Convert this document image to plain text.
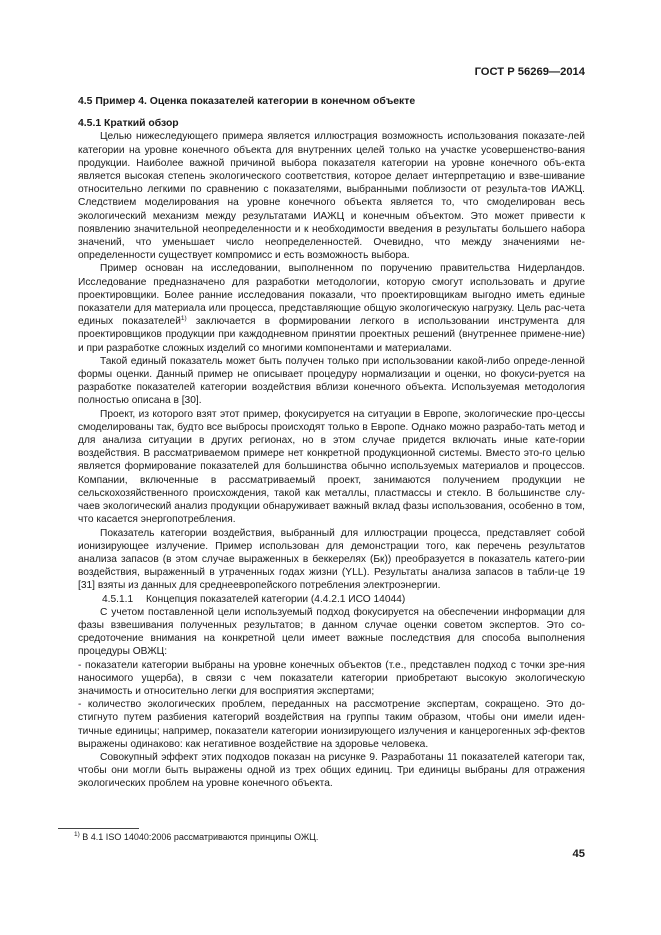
ГОСТ Р 56269—2014

4.5 Пример 4. Оценка показателей категории в конечном объекте

4.5.1 Краткий обзор

Целью нижеследующего примера является иллюстрация возможность использования показате-лей категории на уровне конечного объекта для внутренних целей только на участке усовершенство-вания продукции. Наиболее важной причиной выбора показателя категории на уровне конечного объ-екта является высокая степень экологического соответствия, которое делает интерпретацию и взве-шивание относительно легкими по сравнению с показателями, выбранными поблизости от результа-тов ИАЖЦ. Следствием моделирования на уровне конечного объекта является то, что смоделирован весь экологический механизм между результатами ИАЖЦ и конечным объектом. Это может привести к появлению значительной неопределенности и к необходимости введения в результаты большего набора значений, что уменьшает число неопределенностей. Очевидно, что между значениями не-определенности существует компромисс и есть возможность выбора.

Пример основан на исследовании, выполненном по поручению правительства Нидерландов. Исследование предназначено для разработки методологии, которую смогут использовать и другие проектировщики. Более ранние исследования показали, что проектировщикам выгодно иметь единые показатели для материала или процесса, представляющие общую экологическую нагрузку. Цель рас-чета единых показателей$^{1)}$ заключается в формировании легкого в использовании инструмента для проектировщиков продукции при каждодневном принятии проектных решений (внутреннее примене-ние) и при разработке сложных изделий со многими компонентами и материалами.

Такой единый показатель может быть получен только при использовании какой-либо опреде-ленной формы оценки. Данный пример не описывает процедуру нормализации и оценки, но фокуси-руется на разработке показателей категории воздействия вблизи конечного объекта. Используемая методология полностью описана в [30].

Проект, из которого взят этот пример, фокусируется на ситуации в Европе, экологические про-цессы смоделированы так, будто все выбросы происходят только в Европе. Однако можно разрабо-тать метод и для анализа ситуации в других регионах, но в этом случае придется включать иные кате-гории воздействия. В рассматриваемом примере нет конкретной продукционной системы. Вместо это-го целью является формирование показателей для большинства обычно используемых материалов и процессов. Компании, включенные в рассматриваемый проект, занимаются получением продукции не сельскохозяйственного происхождения, такой как металлы, пластмассы и стекло. В большинстве слу-чаев экологический анализ продукции обнаруживает важный вклад фазы использования, особенно в том, что касается энергопотребления.

Показатель категории воздействия, выбранный для иллюстрации процесса, представляет собой ионизирующее излучение. Пример использован для демонстрации того, как перечень результатов анализа запасов (в этом случае выраженных в беккерелях (Бк)) преобразуется в показатель катего-рии воздействия, выраженный в утраченных годах жизни (YLL). Результаты анализа запасов в табли-це 19 [31] взяты из данных для среднеевропейского потребления электроэнергии.

4.5.1.1 Концепция показателей категории (4.4.2.1 ИСО 14044)

С учетом поставленной цели используемый подход фокусируется на обеспечении информации для фазы взвешивания полученных результатов; в данном случае оценки советом экспертов. Это со-средоточение внимания на конкретной цели имеет важные последствия для способа выполнения процедуры ОВЖЦ:

- показатели категории выбраны на уровне конечных объектов (т.е., представлен подход с точки зре-ния наносимого ущерба), в связи с чем показатели категории приобретают высокую экологическую значимость и относительно легки для восприятия экспертами;

- количество экологических проблем, переданных на рассмотрение экспертам, сокращено. Это до-стигнуто путем разбиения категорий воздействия на группы таким образом, чтобы они имели иден-тичные единицы; например, показатели категории ионизирующего излучения и канцерогенных эф-фектов выражены одинаково: как негативное воздействие на здоровье человека.

Совокупный эффект этих подходов показан на рисунке 9. Разработаны 11 показателей категори так, чтобы они могли быть выражены одной из трех общих единиц. Три единицы выбраны для отражения экологических проблем на уровне конечного объекта.

$^{1)}$ В 4.1 ISO 14040:2006 рассматриваются принципы ОЖЦ.
45
